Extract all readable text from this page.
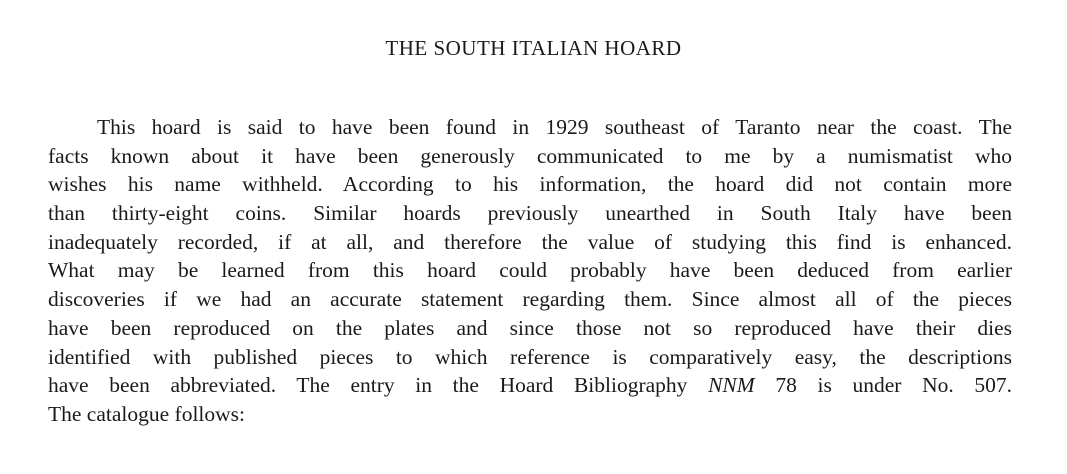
THE SOUTH ITALIAN HOARD
This hoard is said to have been found in 1929 southeast of Taranto near the coast. The
facts known about it have been generously communicated to me by a numismatist who
wishes his name withheld. According to his information, the hoard did not contain more
than thirty-eight coins. Similar hoards previously unearthed in South Italy have been
inadequately recorded, if at all, and therefore the value of studying this find is enhanced.
What may be learned from this hoard could probably have been deduced from earlier
discoveries if we had an accurate statement regarding them. Since almost all of the pieces
have been reproduced on the plates and since those not so reproduced have their dies
identified with published pieces to which reference is comparatively easy, the descriptions
have been abbreviated. The entry in the Hoard Bibliography NNM 78 is under No. 507.
The catalogue follows:
